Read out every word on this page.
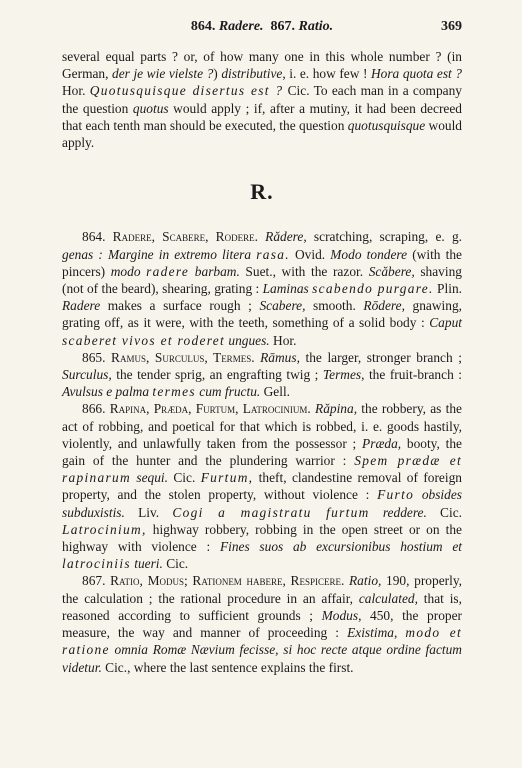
864. Radere. 867. Ratio.	369

several equal parts ? or, of how many one in this whole number ? (in German, der je wie vielste ?) distributive, i. e. how few ! Hora quota est ? Hor. Quotusquisque disertus est ? Cic. To each man in a company the question quotus would apply ; if, after a mutiny, it had been decreed that each tenth man should be executed, the question quotusquisque would apply.

R.

864. Radere, Scabere, Rodere. Rădere, scratching, scraping, e. g. genas : Margine in extremo litera rasa. Ovid. Modo tondere (with the pincers) modo radere barbam. Suet., with the razor. Scăbere, shaving (not of the beard), shearing, grating : Laminas scabendo purgare. Plin. Radere makes a surface rough ; Scabere, smooth. Rōdere, gnawing, grating off, as it were, with the teeth, something of a solid body : Caput scaberet vivos et roderet ungues. Hor.

865. Ramus, Surculus, Termes. Rāmus, the larger, stronger branch ; Surculus, the tender sprig, an engrafting twig ; Termes, the fruit-branch : Avulsus e palma termes cum fructu. Gell.

866. Rapina, Præda, Furtum, Latrocinium. Răpina, the robbery, as the act of robbing, and poetical for that which is robbed, i. e. goods hastily, violently, and unlawfully taken from the possessor ; Præda, booty, the gain of the hunter and the plundering warrior : Spem prædæ et rapinarum sequi. Cic. Furtum, theft, clandestine removal of foreign property, and the stolen property, without violence : Furto obsides subduxistis. Liv. Cogi a magistratu furtum reddere. Cic. Latrocinium, highway robbery, robbing in the open street or on the highway with violence : Fines suos ab excursionibus hostium et latrociniis tueri. Cic.

867. Ratio, Modus; Rationem habere, Respicere. Ratio, 190, properly, the calculation ; the rational procedure in an affair, calculated, that is, reasoned according to sufficient grounds ; Modus, 450, the proper measure, the way and manner of proceeding : Existima, modo et ratione omnia Romæ Nævium fecisse, si hoc recte atque ordine factum videtur. Cic., where the last sentence explains the first.
